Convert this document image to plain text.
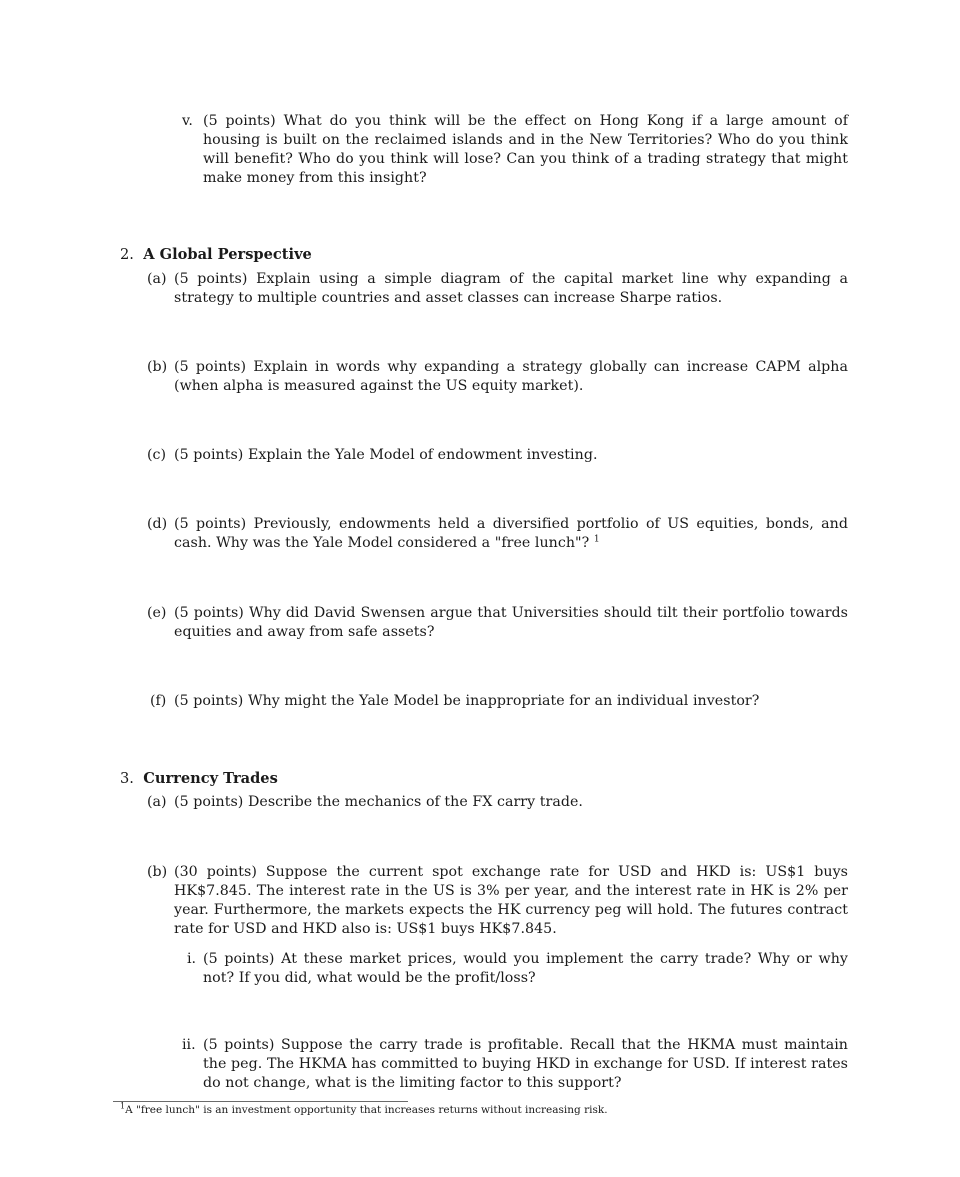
v. (5 points) What do you think will be the effect on Hong Kong if a large amount of housing is built on the reclaimed islands and in the New Territories? Who do you think will benefit? Who do you think will lose? Can you think of a trading strategy that might make money from this insight?
2. A Global Perspective
(a) (5 points) Explain using a simple diagram of the capital market line why expanding a strategy to multiple countries and asset classes can increase Sharpe ratios.
(b) (5 points) Explain in words why expanding a strategy globally can increase CAPM alpha (when alpha is measured against the US equity market).
(c) (5 points) Explain the Yale Model of endowment investing.
(d) (5 points) Previously, endowments held a diversified portfolio of US equities, bonds, and cash. Why was the Yale Model considered a "free lunch"? $^1$
(e) (5 points) Why did David Swensen argue that Universities should tilt their portfolio towards equities and away from safe assets?
(f) (5 points) Why might the Yale Model be inappropriate for an individual investor?
3. Currency Trades
(a) (5 points) Describe the mechanics of the FX carry trade.
(b) (30 points) Suppose the current spot exchange rate for USD and HKD is: US$1 buys HK$7.845. The interest rate in the US is 3% per year, and the interest rate in HK is 2% per year. Furthermore, the markets expects the HK currency peg will hold. The futures contract rate for USD and HKD also is: US$1 buys HK$7.845.
i. (5 points) At these market prices, would you implement the carry trade? Why or why not? If you did, what would be the profit/loss?
ii. (5 points) Suppose the carry trade is profitable. Recall that the HKMA must maintain the peg. The HKMA has committed to buying HKD in exchange for USD. If interest rates do not change, what is the limiting factor to this support?
$^1$A "free lunch" is an investment opportunity that increases returns without increasing risk.
